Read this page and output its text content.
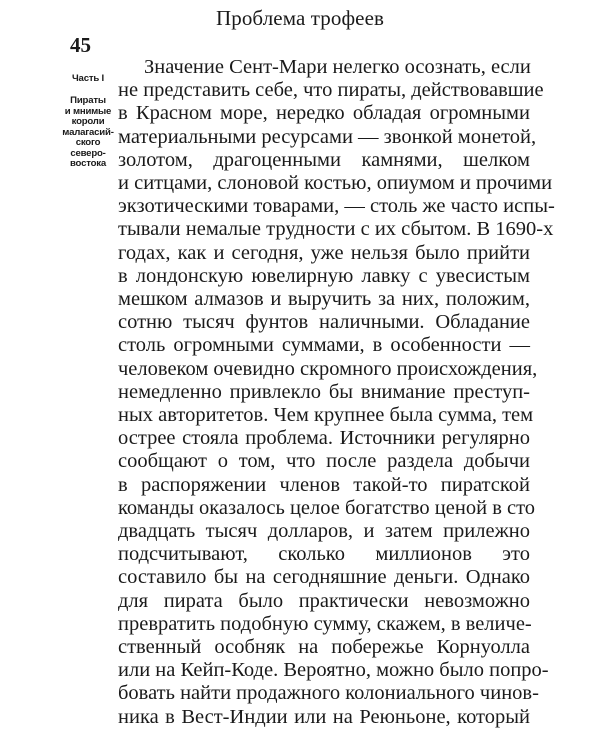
Проблема трофеев
45
Часть I
Пираты
и мнимые
короли
малагасий-
ского
северо-
востока
Значение Сент-Мари нелегко осознать, если
не представить себе, что пираты, действовавшие
в Красном море, нередко обладая огромными
материальными ресурсами — звонкой монетой,
золотом, драгоценными камнями, шелком
и ситцами, слоновой костью, опиумом и прочими
экзотическими товарами, — столь же часто испы-
тывали немалые трудности с их сбытом. В 1690-х
годах, как и сегодня, уже нельзя было прийти
в лондонскую ювелирную лавку с увесистым
мешком алмазов и выручить за них, положим,
сотню тысяч фунтов наличными. Обладание
столь огромными суммами, в особенности —
человеком очевидно скромного происхождения,
немедленно привлекло бы внимание преступ-
ных авторитетов. Чем крупнее была сумма, тем
острее стояла проблема. Источники регулярно
сообщают о том, что после раздела добычи
в распоряжении членов такой-то пиратской
команды оказалось целое богатство ценой в сто
двадцать тысяч долларов, и затем прилежно
подсчитывают, сколько миллионов это
составило бы на сегодняшние деньги. Однако
для пирата было практически невозможно
превратить подобную сумму, скажем, в величе-
ственный особняк на побережье Корнуолла
или на Кейп-Коде. Вероятно, можно было попро-
бовать найти продажного колониального чинов-
ника в Вест-Индии или на Реюньоне, который
